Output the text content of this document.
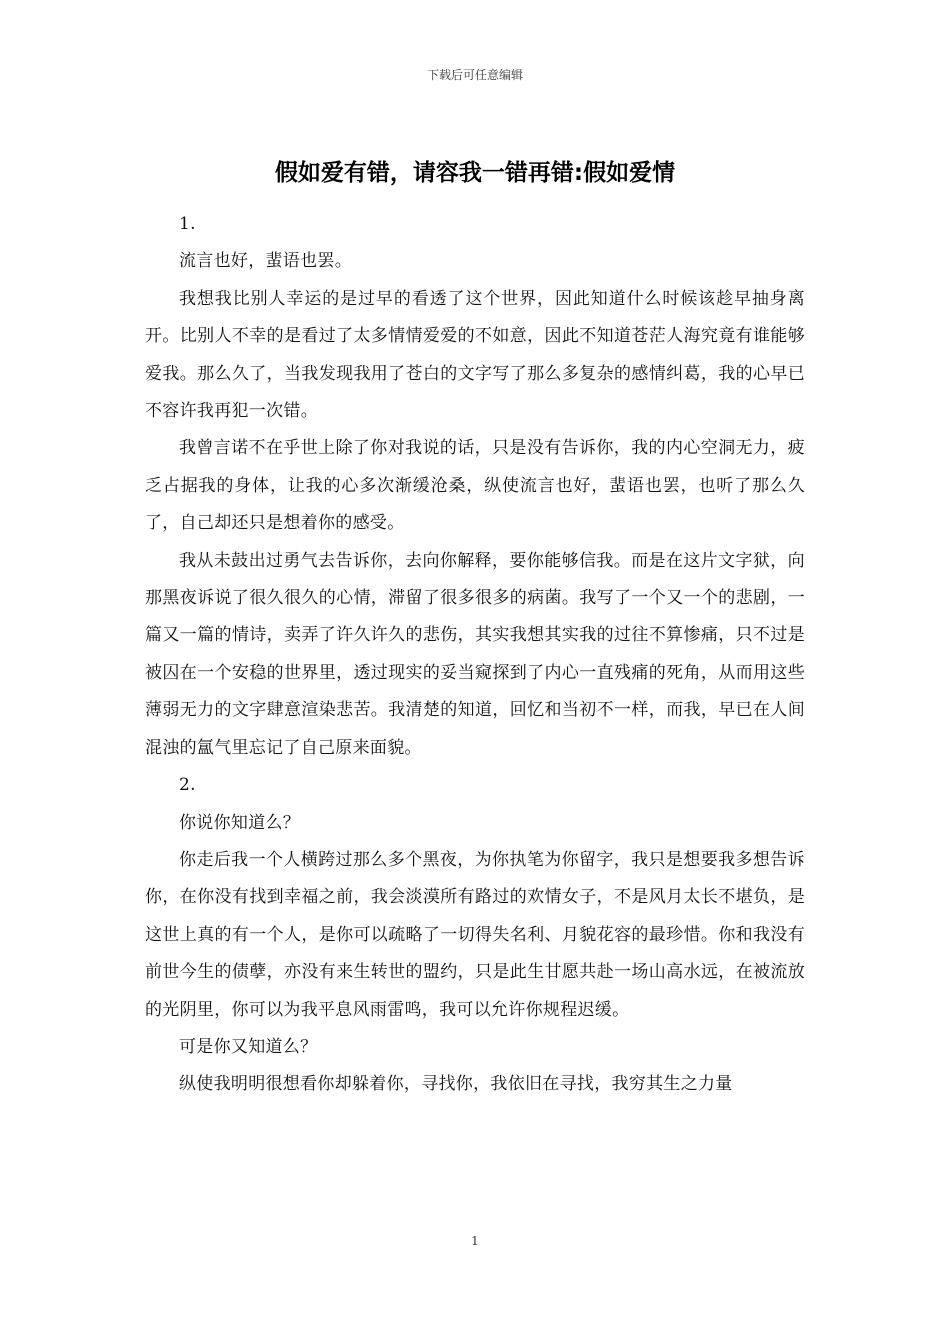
下载后可任意编辑
假如爱有错，请容我一错再错:假如爱情

1.

流言也好，蜚语也罢。

我想我比别人幸运的是过早的看透了这个世界，因此知道什么时候该趁早抽身离开。比别人不幸的是看过了太多情情爱爱的不如意，因此不知道苍茫人海究竟有谁能够爱我。那么久了，当我发现我用了苍白的文字写了那么多复杂的感情纠葛，我的心早已不容许我再犯一次错。

我曾言诺不在乎世上除了你对我说的话，只是没有告诉你，我的内心空洞无力，疲乏占据我的身体，让我的心多次渐缓沧桑，纵使流言也好，蜚语也罢，也听了那么久了，自己却还只是想着你的感受。

我从未鼓出过勇气去告诉你，去向你解释，要你能够信我。而是在这片文字狱，向那黑夜诉说了很久很久的心情，滞留了很多很多的病菌。我写了一个又一个的悲剧，一篇又一篇的情诗，卖弄了许久许久的悲伤，其实我想其实我的过往不算惨痛，只不过是被囚在一个安稳的世界里，透过现实的妥当窥探到了内心一直残痛的死角，从而用这些薄弱无力的文字肆意渲染悲苦。我清楚的知道，回忆和当初不一样，而我，早已在人间混浊的氲气里忘记了自己原来面貌。

2.

你说你知道么？

你走后我一个人横跨过那么多个黑夜，为你执笔为你留字，我只是想要我多想告诉你，在你没有找到幸福之前，我会淡漠所有路过的欢情女子，不是风月太长不堪负，是这世上真的有一个人，是你可以疏略了一切得失名利、月貌花容的最珍惜。你和我没有前世今生的债孽，亦没有来生转世的盟约，只是此生甘愿共赴一场山高水远，在被流放的光阴里，你可以为我平息风雨雷鸣，我可以允许你规程迟缓。

可是你又知道么？

纵使我明明很想看你却躲着你，寻找你，我依旧在寻找，我穷其生之力量

1
